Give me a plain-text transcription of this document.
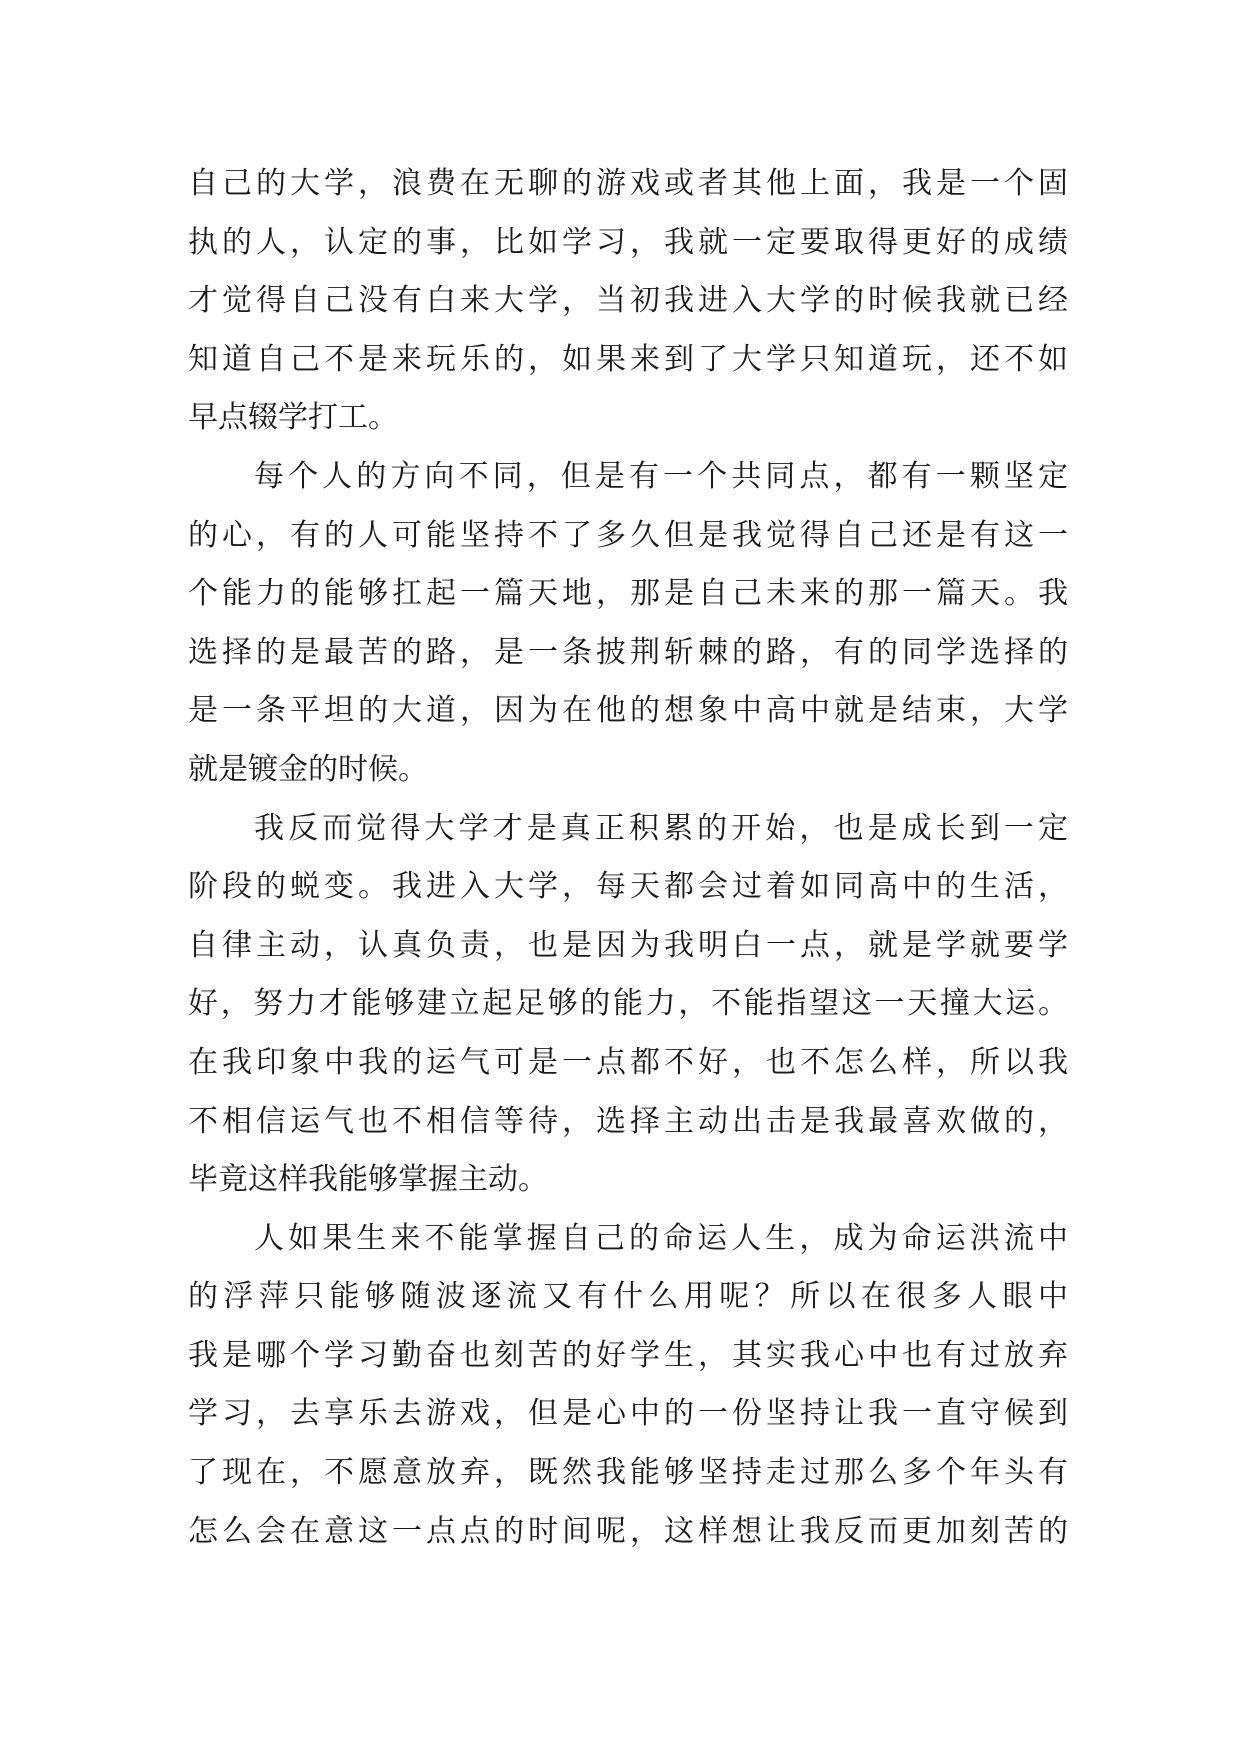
自己的大学，浪费在无聊的游戏或者其他上面，我是一个固
执的人，认定的事，比如学习，我就一定要取得更好的成绩
才觉得自己没有白来大学，当初我进入大学的时候我就已经
知道自己不是来玩乐的，如果来到了大学只知道玩，还不如
早点辍学打工。
每个人的方向不同，但是有一个共同点，都有一颗坚定
的心，有的人可能坚持不了多久但是我觉得自己还是有这一
个能力的能够扛起一篇天地，那是自己未来的那一篇天。我
选择的是最苦的路，是一条披荆斩棘的路，有的同学选择的
是一条平坦的大道，因为在他的想象中高中就是结束，大学
就是镀金的时候。
我反而觉得大学才是真正积累的开始，也是成长到一定
阶段的蜕变。我进入大学，每天都会过着如同高中的生活，
自律主动，认真负责，也是因为我明白一点，就是学就要学
好，努力才能够建立起足够的能力，不能指望这一天撞大运。
在我印象中我的运气可是一点都不好，也不怎么样，所以我
不相信运气也不相信等待，选择主动出击是我最喜欢做的，
毕竟这样我能够掌握主动。
人如果生来不能掌握自己的命运人生，成为命运洪流中
的浮萍只能够随波逐流又有什么用呢？所以在很多人眼中
我是哪个学习勤奋也刻苦的好学生，其实我心中也有过放弃
学习，去享乐去游戏，但是心中的一份坚持让我一直守候到
了现在，不愿意放弃，既然我能够坚持走过那么多个年头有
怎么会在意这一点点的时间呢，这样想让我反而更加刻苦的
